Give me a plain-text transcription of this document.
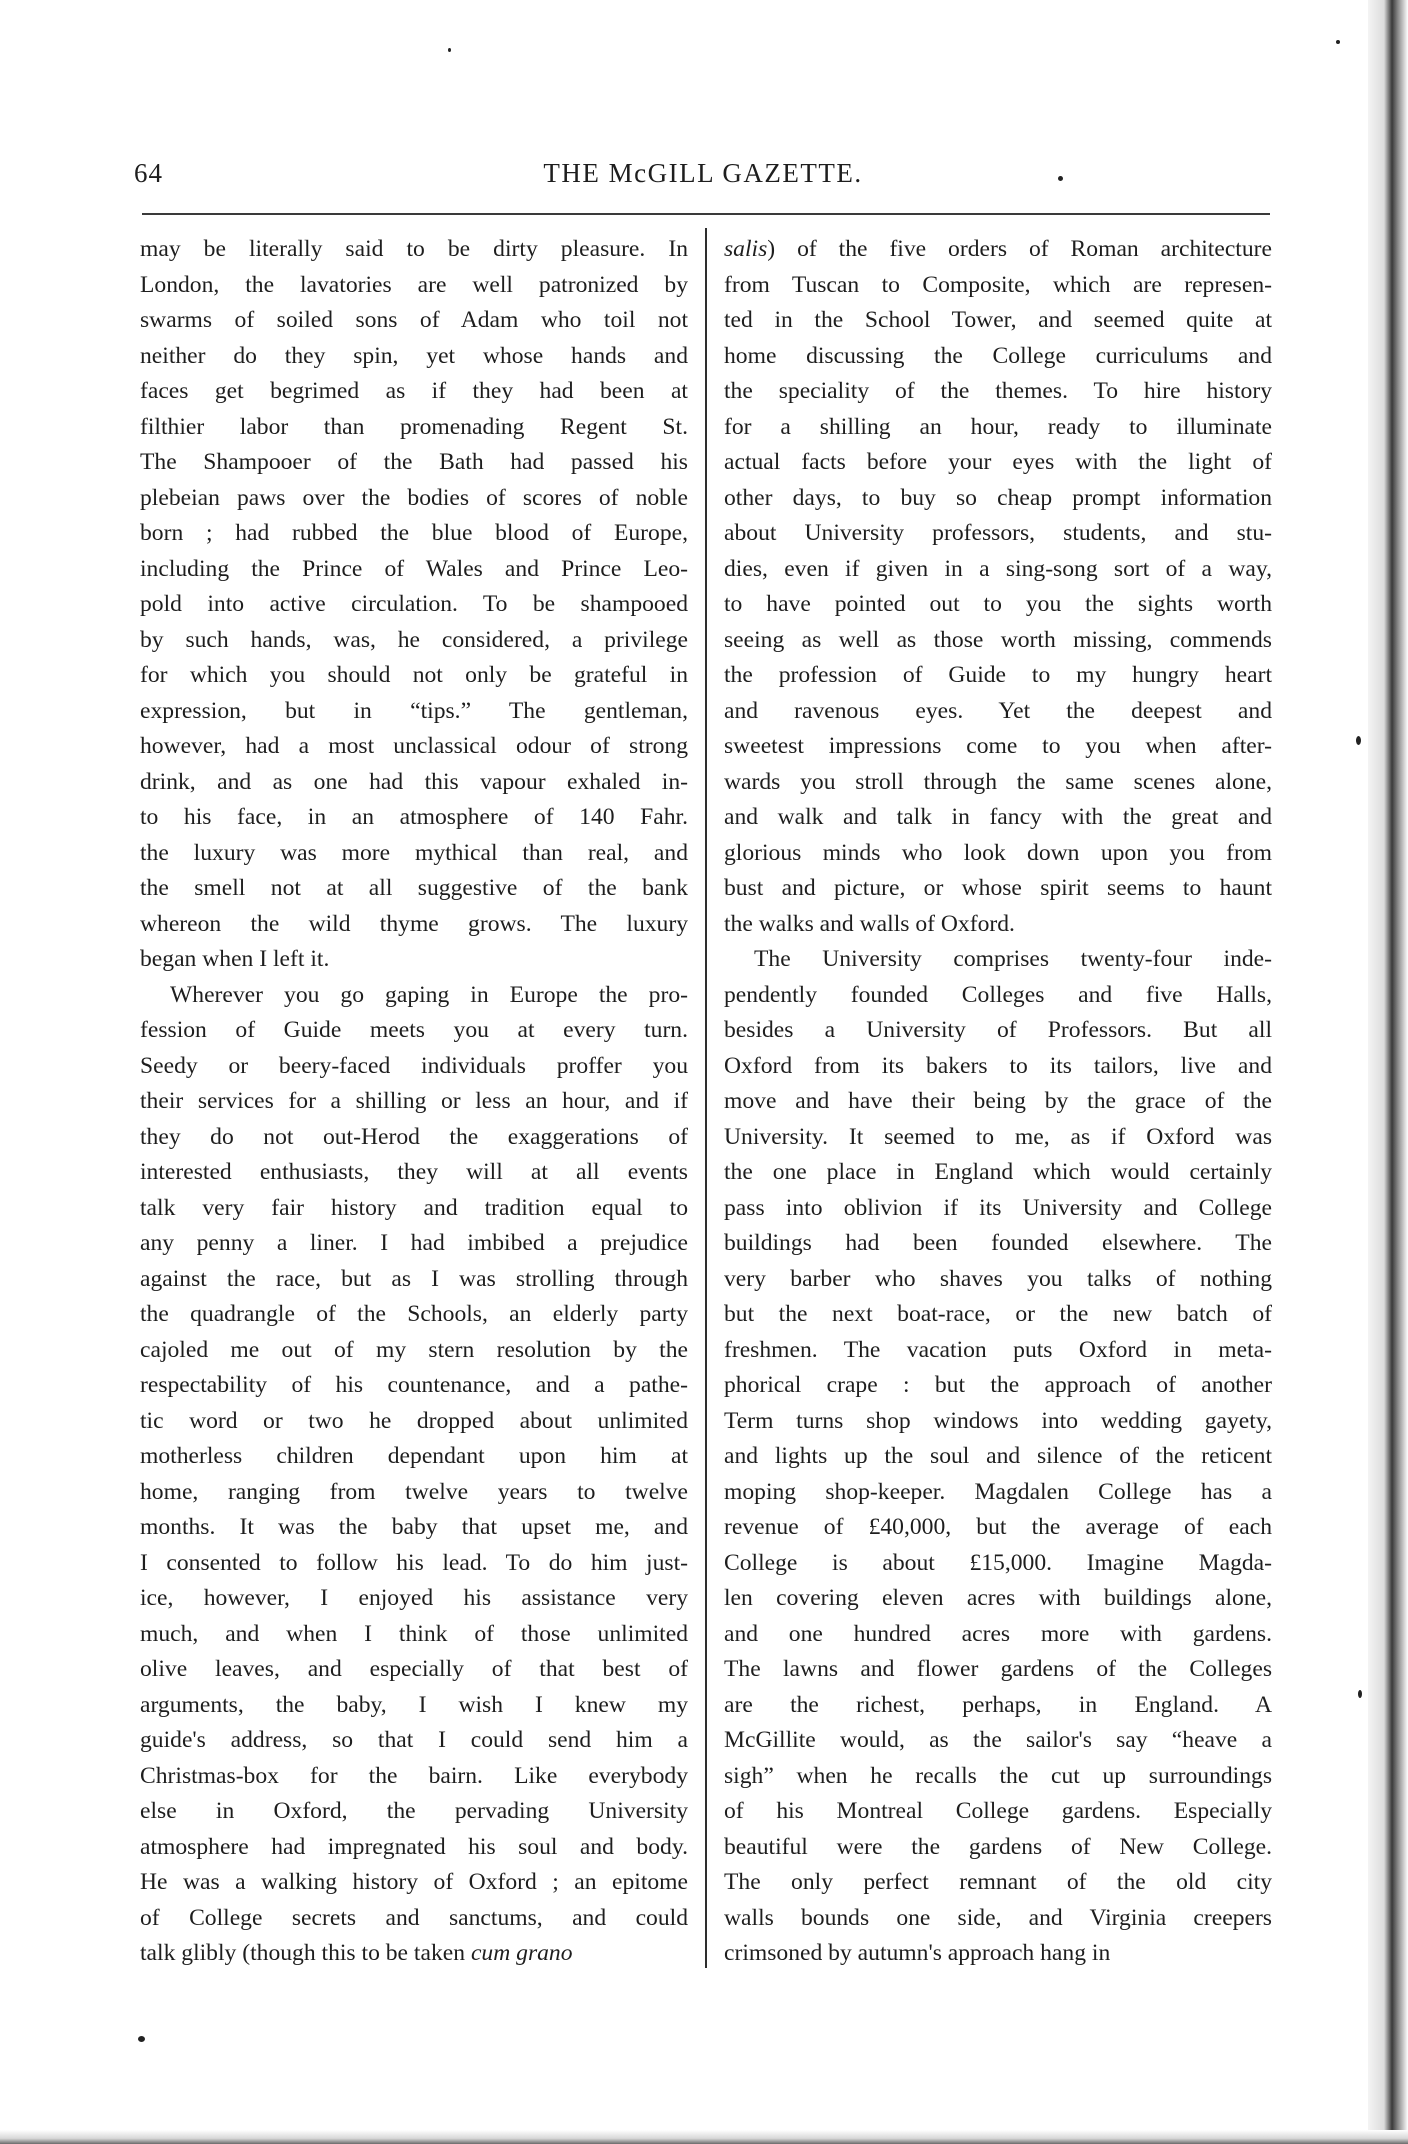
64	THE McGILL GAZETTE.
may be literally said to be dirty pleasure. In
London, the lavatories are well patronized by
swarms of soiled sons of Adam who toil not
neither do they spin, yet whose hands and
faces get begrimed as if they had been at
filthier labor than promenading Regent St.
The Shampooer of the Bath had passed his
plebeian paws over the bodies of scores of noble
born ; had rubbed the blue blood of Europe,
including the Prince of Wales and Prince Leo-
pold into active circulation. To be shampooed
by such hands, was, he considered, a privilege
for which you should not only be grateful in
expression, but in “tips.” The gentleman,
however, had a most unclassical odour of strong
drink, and as one had this vapour exhaled in-
to his face, in an atmosphere of 140 Fahr.
the luxury was more mythical than real, and
the smell not at all suggestive of the bank
whereon the wild thyme grows. The luxury
began when I left it.
Wherever you go gaping in Europe the pro-
fession of Guide meets you at every turn.
Seedy or beery-faced individuals proffer you
their services for a shilling or less an hour, and if
they do not out-Herod the exaggerations of
interested enthusiasts, they will at all events
talk very fair history and tradition equal to
any penny a liner. I had imbibed a prejudice
against the race, but as I was strolling through
the quadrangle of the Schools, an elderly party
cajoled me out of my stern resolution by the
respectability of his countenance, and a pathe-
tic word or two he dropped about unlimited
motherless children dependant upon him at
home, ranging from twelve years to twelve
months. It was the baby that upset me, and
I consented to follow his lead. To do him just-
ice, however, I enjoyed his assistance very
much, and when I think of those unlimited
olive leaves, and especially of that best of
arguments, the baby, I wish I knew my
guide's address, so that I could send him a
Christmas-box for the bairn. Like everybody
else in Oxford, the pervading University
atmosphere had impregnated his soul and body.
He was a walking history of Oxford ; an epitome
of College secrets and sanctums, and could
talk glibly (though this to be taken cum grano
salis) of the five orders of Roman architecture
from Tuscan to Composite, which are represen-
ted in the School Tower, and seemed quite at
home discussing the College curriculums and
the speciality of the themes. To hire history
for a shilling an hour, ready to illuminate
actual facts before your eyes with the light of
other days, to buy so cheap prompt information
about University professors, students, and stu-
dies, even if given in a sing-song sort of a way,
to have pointed out to you the sights worth
seeing as well as those worth missing, commends
the profession of Guide to my hungry heart
and ravenous eyes. Yet the deepest and
sweetest impressions come to you when after-
wards you stroll through the same scenes alone,
and walk and talk in fancy with the great and
glorious minds who look down upon you from
bust and picture, or whose spirit seems to haunt
the walks and walls of Oxford.
The University comprises twenty-four inde-
pendently founded Colleges and five Halls,
besides a University of Professors. But all
Oxford from its bakers to its tailors, live and
move and have their being by the grace of the
University. It seemed to me, as if Oxford was
the one place in England which would certainly
pass into oblivion if its University and College
buildings had been founded elsewhere. The
very barber who shaves you talks of nothing
but the next boat-race, or the new batch of
freshmen. The vacation puts Oxford in meta-
phorical crape : but the approach of another
Term turns shop windows into wedding gayety,
and lights up the soul and silence of the reticent
moping shop-keeper. Magdalen College has a
revenue of £40,000, but the average of each
College is about £15,000. Imagine Magda-
len covering eleven acres with buildings alone,
and one hundred acres more with gardens.
The lawns and flower gardens of the Colleges
are the richest, perhaps, in England. A
McGillite would, as the sailor's say “heave a
sigh” when he recalls the cut up surroundings
of his Montreal College gardens. Especially
beautiful were the gardens of New College.
The only perfect remnant of the old city
walls bounds one side, and Virginia creepers
crimsoned by autumn's approach hang in
